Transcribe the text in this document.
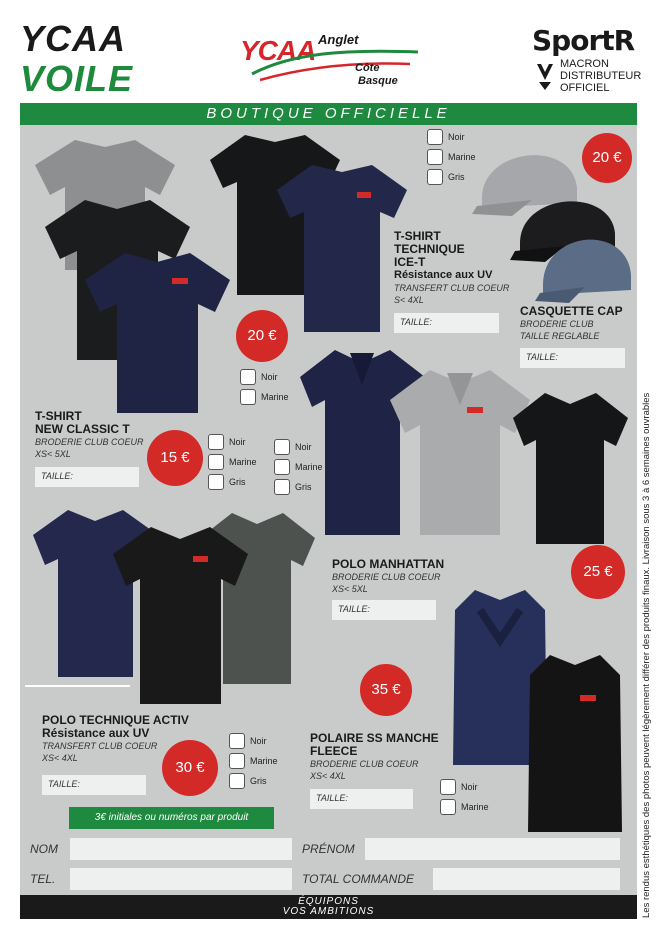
YCAA
VOILE
YCAA Anglet
Côte
Basque
SportR
MACRON DISTRIBUTEUR OFFICIEL
BOUTIQUE OFFICIELLE
Noir
Marine
Gris
20 €
T-SHIRT
TECHNIQUE
ICE-T
Résistance aux UV
TRANSFERT CLUB COEUR
S< 4XL
TAILLE:
20 €
Noir
Marine
CASQUETTE CAP
BRODERIE CLUB
TAILLE REGLABLE
TAILLE:
T-SHIRT
NEW CLASSIC T
BRODERIE CLUB COEUR
XS< 5XL
TAILLE:
15 €
Noir
Marine
Gris
Noir
Marine
Gris
POLO MANHATTAN
BRODERIE CLUB COEUR
XS< 5XL
TAILLE:
25 €
35 €
POLAIRE SS MANCHE
FLEECE
BRODERIE CLUB COEUR
XS< 4XL
TAILLE:
Noir
Marine
POLO TECHNIQUE ACTIV
Résistance aux UV
TRANSFERT CLUB COEUR
XS< 4XL
TAILLE:
30 €
Noir
Marine
Gris
3€ initiales ou numéros par produit
NOM	PRÉNOM
TEL.	TOTAL COMMANDE
ÉQUIPONS
VOS AMBITIONS	Les rendus esthétiques des photos peuvent légèrement différer des produits finaux. Livraison sous 3 à 6 semaines ouvrables
